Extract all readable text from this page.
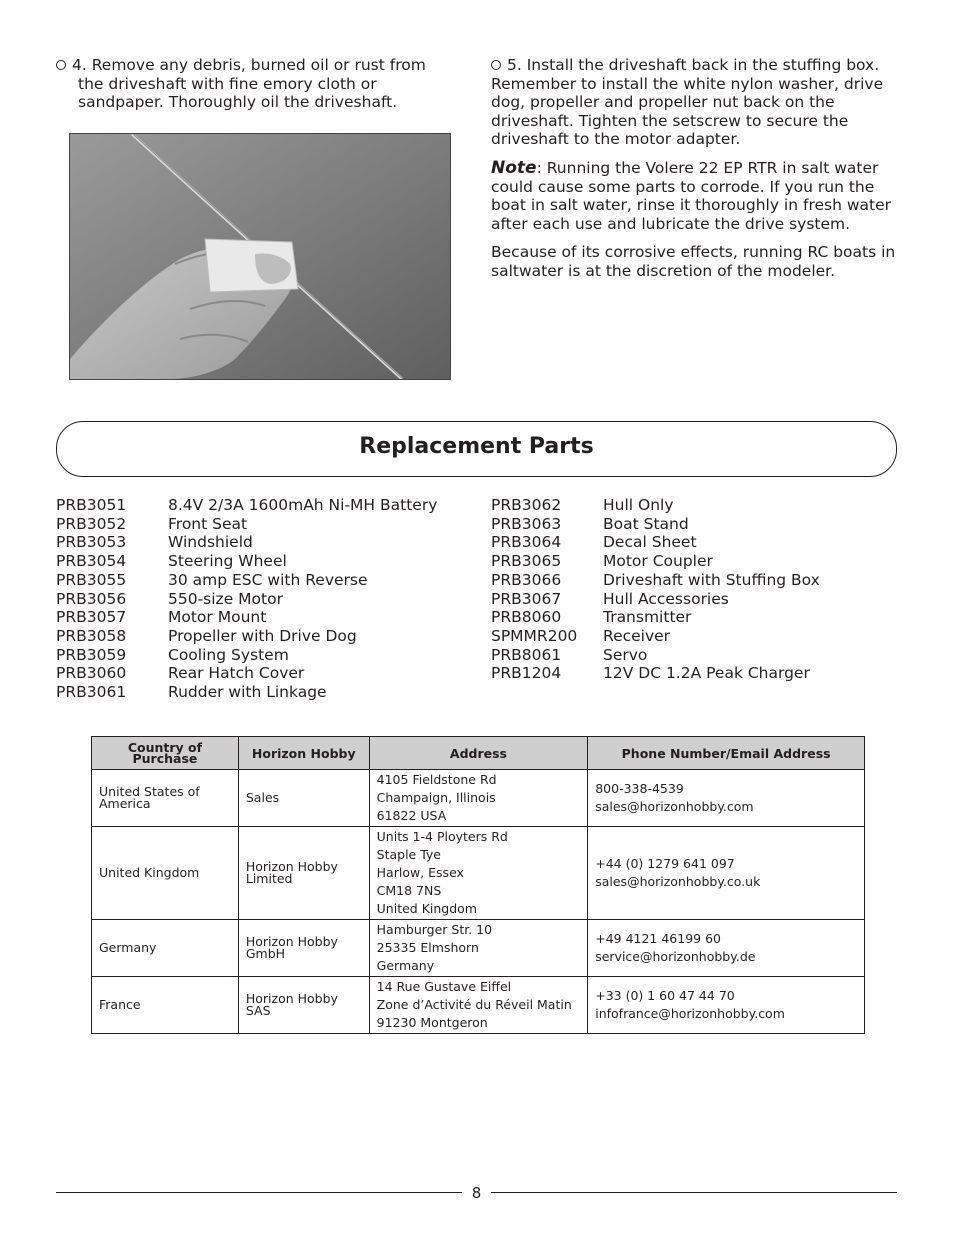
4. Remove any debris, burned oil or rust from the driveshaft with fine emory cloth or sandpaper. Thoroughly oil the driveshaft.
5. Install the driveshaft back in the stuffing box. Remember to install the white nylon washer, drive dog, propeller and propeller nut back on the driveshaft. Tighten the setscrew to secure the driveshaft to the motor adapter.
Note: Running the Volere 22 EP RTR in salt water could cause some parts to corrode. If you run the boat in salt water, rinse it thoroughly in fresh water after each use and lubricate the drive system.
Because of its corrosive effects, running RC boats in saltwater is at the discretion of the modeler.
Replacement Parts
PRB3051	8.4V 2/3A 1600mAh Ni-MH Battery
PRB3052	Front Seat
PRB3053	Windshield
PRB3054	Steering Wheel
PRB3055	30 amp ESC with Reverse
PRB3056	550-size Motor
PRB3057	Motor Mount
PRB3058	Propeller with Drive Dog
PRB3059	Cooling System
PRB3060	Rear Hatch Cover
PRB3061	Rudder with Linkage
PRB3062	Hull Only
PRB3063	Boat Stand
PRB3064	Decal Sheet
PRB3065	Motor Coupler
PRB3066	Driveshaft with Stuffing Box
PRB3067	Hull Accessories
PRB8060	Transmitter
SPMMR200	Receiver
PRB8061	Servo
PRB1204	12V DC 1.2A Peak Charger
Country of Purchase	Horizon Hobby	Address	Phone Number/Email Address
United States of America	Sales	4105 Fieldstone Rd
Champaign, Illinois
61822 USA	800-338-4539
sales@horizonhobby.com

United Kingdom	Horizon Hobby Limited	Units 1-4 Ployters Rd
Staple Tye
Harlow, Essex
CM18 7NS
United Kingdom	+44 (0) 1279 641 097
sales@horizonhobby.co.uk

Germany	Horizon Hobby GmbH	Hamburger Str. 10
25335 Elmshorn
Germany	+49 4121 46199 60
service@horizonhobby.de

France	Horizon Hobby SAS	14 Rue Gustave Eiffel
Zone d’Activité du Réveil Matin
91230 Montgeron	+33 (0) 1 60 47 44 70
infofrance@horizonhobby.com
8
